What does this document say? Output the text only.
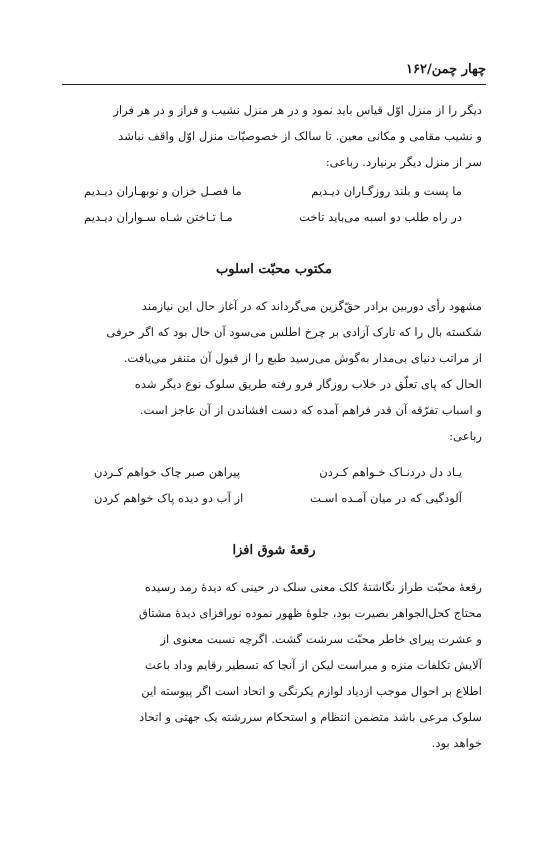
چهار چمن/۱۶۲
دیگر را از منزل اوّل قیاس باید نمود و در هر منزل نشیب و فراز و در هر فراز
و نشیب مقامی و مکانی معین. تا سالک از خصوصیّات منزل اوّل واقف نباشد
سر از منزل دیگر برنیارد. رباعی:
ما پست و بلند روزگـاران دیـدیم
ما فصـل خزان و نوبهـاران دیـدیم
در راه طلب دو اسبه می‌باید تاخت
مـا تـاختن شـاه سـواران دیـدیم
مکتوب محبّت اسلوب
مشهود رأی دوربین برادر حقّ‌گزین می‌گرداند که در آغاز حال این نیازمند
شکسته بال را که تارک آزادی بر چرخ اطلس می‌سود آن حال بود که اگر حرفی
از مراتب دنیای بی‌مدار به‌گوش می‌رسید طبع را از قبول آن متنفر می‌یافت.
الحال که پای تعلّق در خلاب روزگار فرو رفته طریق سلوک نوع دیگر شده
و اسباب تفرّقه آن قدر فراهم آمده که دست افشاندن از آن عاجز است.
رباعی:
یـاد دل دردنـاک خـواهم کـردن
پیراهن صبر چاک خواهم کـردن
آلودگیی که در میان آمـده اسـت
از آب دو دیده پاک خواهم کردن
رقعهٔ شوق افزا
رقعهٔ محبّت طراز نگاشتهٔ کلک معنی سلک در حینی که دیدهٔ رمد رسیده
محتاج کحل‌الجواهر بصیرت بود، جلوهٔ ظهور نموده نورافزای دیدهٔ مشتاق
و عشرت پیرای خاطر محبّت سرشت گشت. اگرچه نسبت معنوی از
آلایش تکلفات منزه و مبراست لیکن از آنجا که تسطیر رقایم وداد باعث
اطلاع بر احوال موجب ازدیاد لوازم یکرنگی و اتحاد است اگر پیوسته این
سلوک مرعی باشد متضمن انتظام و استحکام سررشته یک جهتی و اتحاد
خواهد بود.
